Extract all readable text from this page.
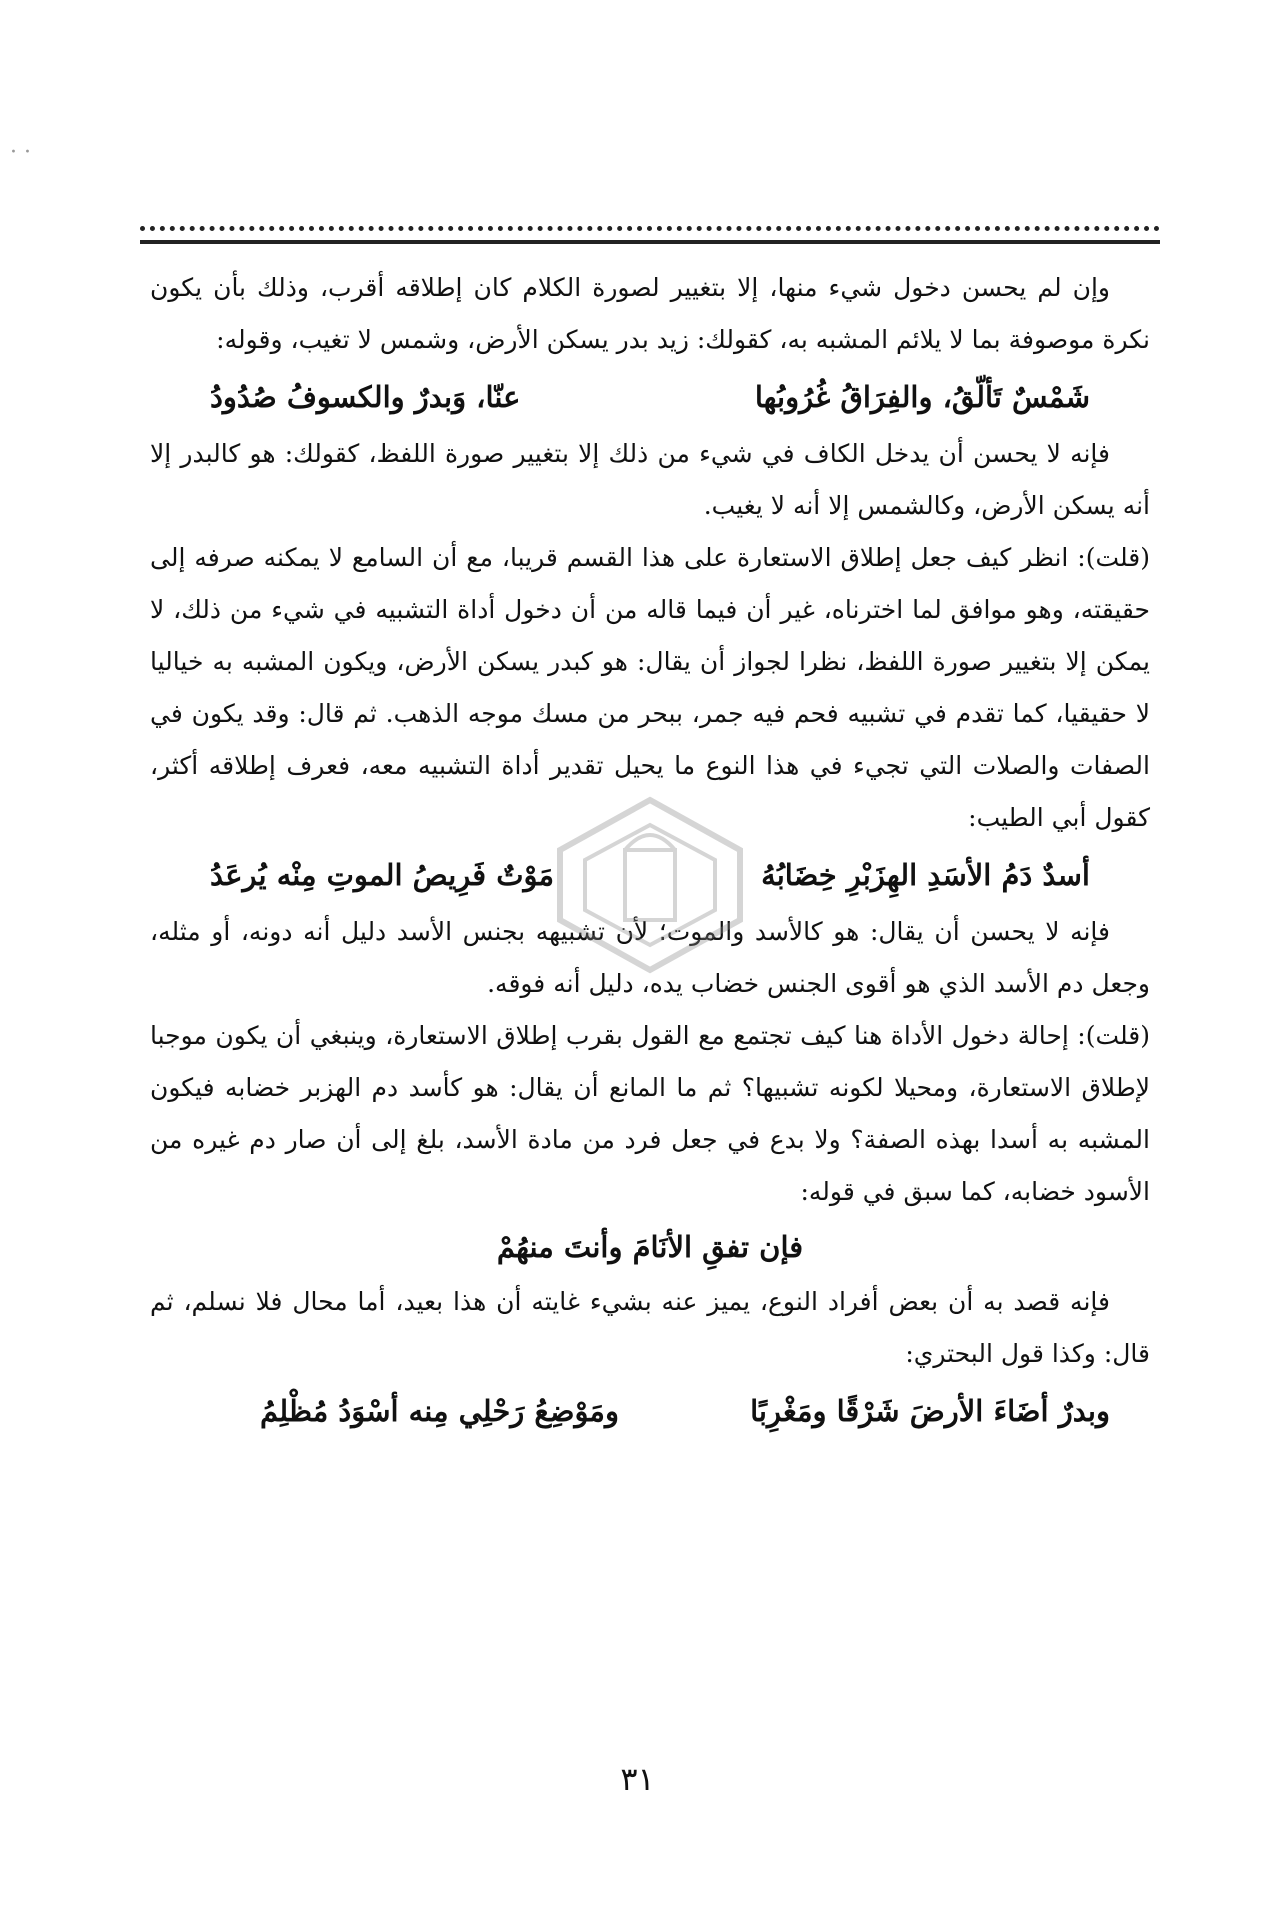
· ·

وإن لم يحسن دخول شيء منها، إلا بتغيير لصورة الكلام كان إطلاقه أقرب، وذلك بأن يكون نكرة موصوفة بما لا يلائم المشبه به، كقولك: زيد بدر يسكن الأرض، وشمس لا تغيب، وقوله:

شَمْسٌ تَألّقُ، والفِرَاقُ غُرُوبُها
عنّا، وَبدرٌ والكسوفُ صُدُودُ

فإنه لا يحسن أن يدخل الكاف في شيء من ذلك إلا بتغيير صورة اللفظ، كقولك: هو كالبدر إلا أنه يسكن الأرض، وكالشمس إلا أنه لا يغيب.

(قلت): انظر كيف جعل إطلاق الاستعارة على هذا القسم قريبا، مع أن السامع لا يمكنه صرفه إلى حقيقته، وهو موافق لما اخترناه، غير أن فيما قاله من أن دخول أداة التشبيه في شيء من ذلك، لا يمكن إلا بتغيير صورة اللفظ، نظرا لجواز أن يقال: هو كبدر يسكن الأرض، ويكون المشبه به خياليا لا حقيقيا، كما تقدم في تشبيه فحم فيه جمر، ببحر من مسك موجه الذهب. ثم قال: وقد يكون في الصفات والصلات التي تجيء في هذا النوع ما يحيل تقدير أداة التشبيه معه، فعرف إطلاقه أكثر، كقول أبي الطيب:

أسدٌ دَمُ الأسَدِ الهِزَبْرِ خِضَابُهُ
مَوْتٌ فَرِيصُ الموتِ مِنْه يُرعَدُ

فإنه لا يحسن أن يقال: هو كالأسد والموت؛ لأن تشبيهه بجنس الأسد دليل أنه دونه، أو مثله، وجعل دم الأسد الذي هو أقوى الجنس خضاب يده، دليل أنه فوقه.

(قلت): إحالة دخول الأداة هنا كيف تجتمع مع القول بقرب إطلاق الاستعارة، وينبغي أن يكون موجبا لإطلاق الاستعارة، ومحيلا لكونه تشبيها؟ ثم ما المانع أن يقال: هو كأسد دم الهزبر خضابه فيكون المشبه به أسدا بهذه الصفة؟ ولا بدع في جعل فرد من مادة الأسد، بلغ إلى أن صار دم غيره من الأسود خضابه، كما سبق في قوله:

فإن تفقِ الأنَامَ وأنتَ منهُمْ

فإنه قصد به أن بعض أفراد النوع، يميز عنه بشيء غايته أن هذا بعيد، أما محال فلا نسلم، ثم قال: وكذا قول البحتري:

وبدرٌ أضَاءَ الأرضَ شَرْقًا ومَغْرِبًا
ومَوْضِعُ رَحْلِي مِنه أسْوَدُ مُظْلِمُ
٣١
